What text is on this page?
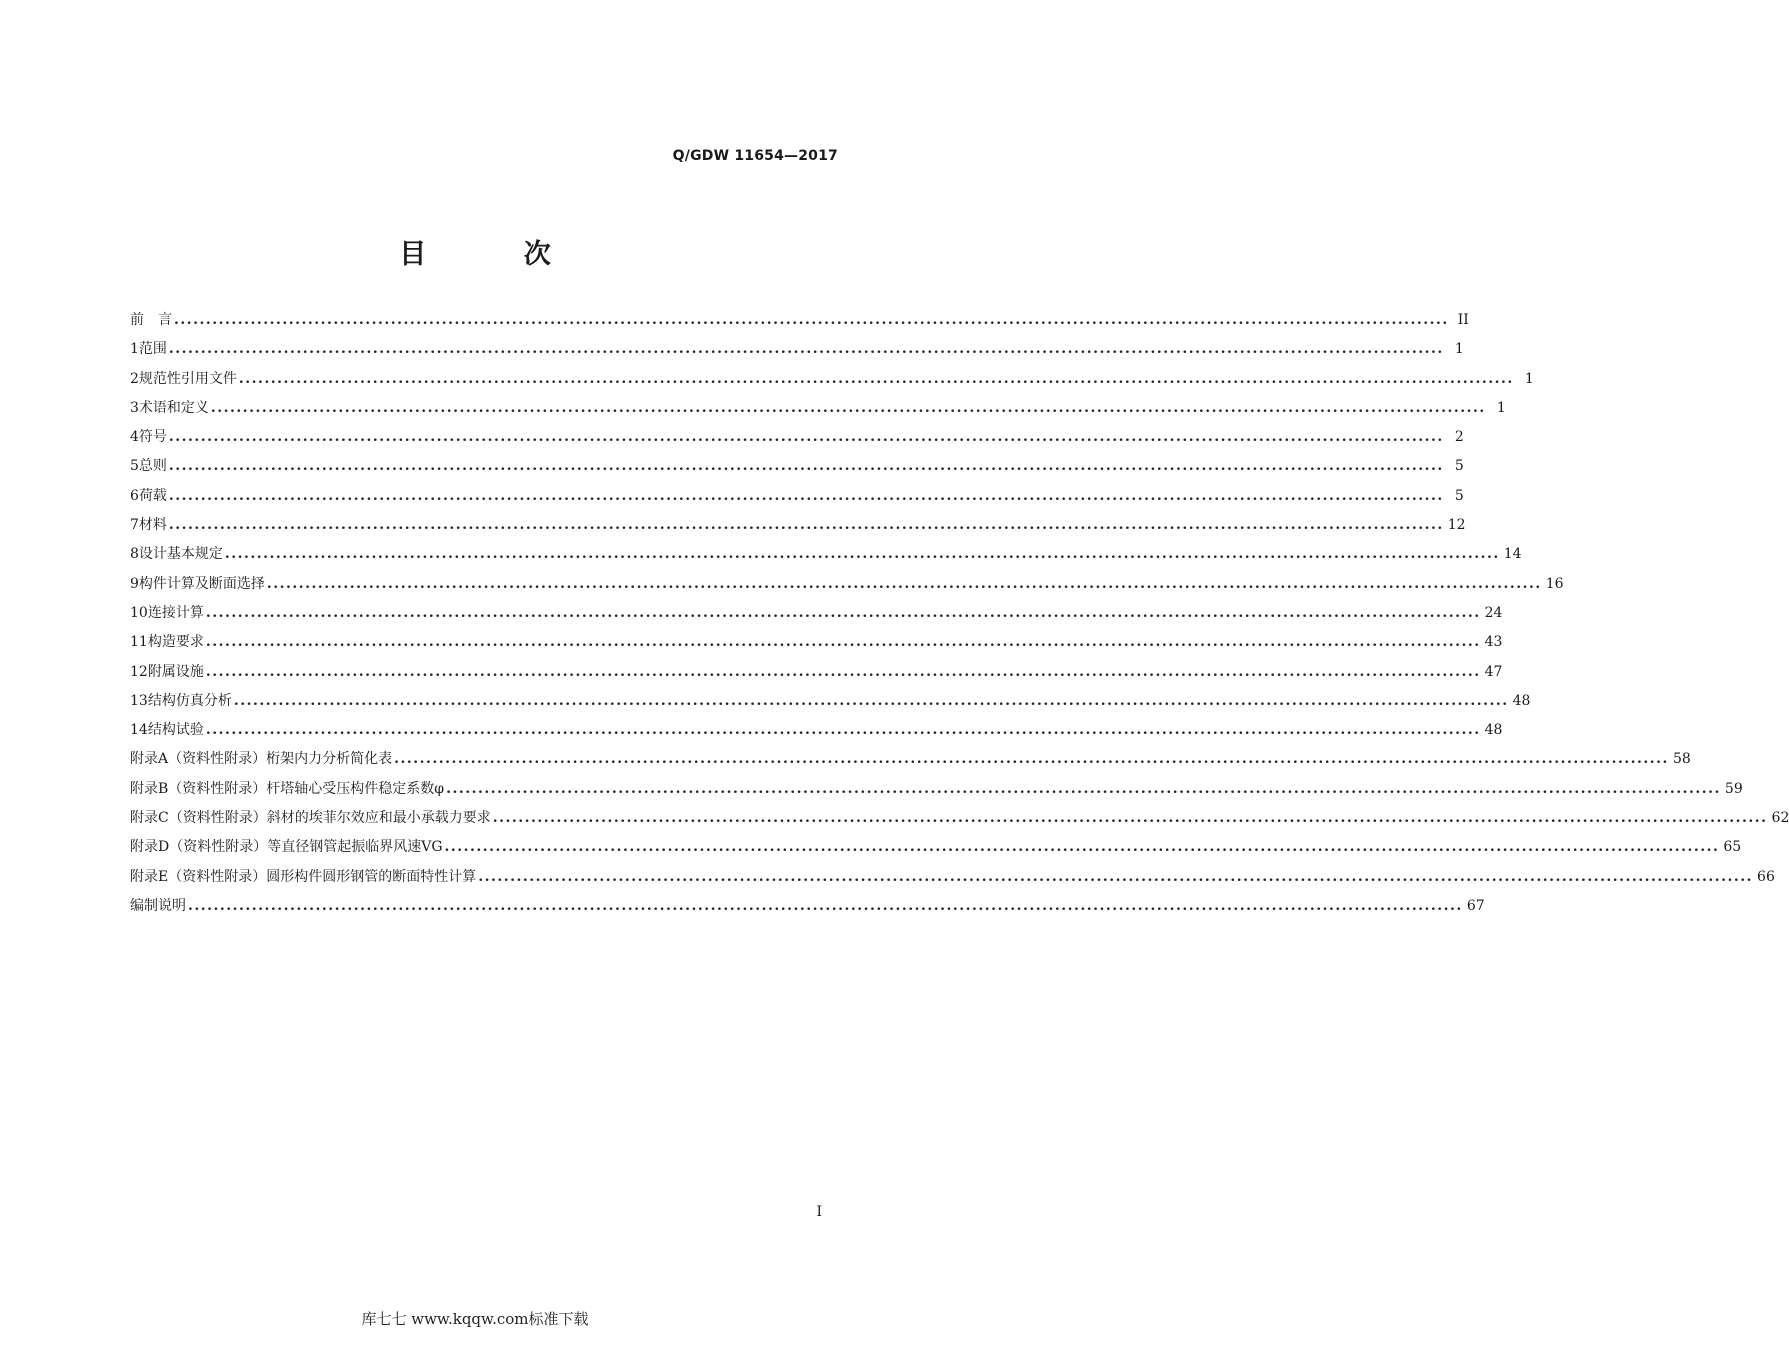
Q/GDW 11654—2017
目 次
前　言 ........................................................................................................................................................................................................ II
1 范围 ........................................................................................................................................................................................................ 1
2 规范性引用文件 ........................................................................................................................................................................................................ 1
3 术语和定义 ........................................................................................................................................................................................................ 1
4 符号 ........................................................................................................................................................................................................ 2
5 总则 ........................................................................................................................................................................................................ 5
6 荷载 ........................................................................................................................................................................................................ 5
7 材料 ........................................................................................................................................................................................................ 12
8 设计基本规定 ........................................................................................................................................................................................................ 14
9 构件计算及断面选择 ........................................................................................................................................................................................................ 16
10 连接计算 ........................................................................................................................................................................................................ 24
11 构造要求 ........................................................................................................................................................................................................ 43
12 附属设施 ........................................................................................................................................................................................................ 47
13 结构仿真分析 ........................................................................................................................................................................................................ 48
14 结构试验 ........................................................................................................................................................................................................ 48
附录A（资料性附录） 桁架内力分析简化表 ........................................................................................................................................................................................................ 58
附录B（资料性附录） 杆塔轴心受压构件稳定系数φ ........................................................................................................................................................................................................ 59
附录C（资料性附录） 斜材的埃菲尔效应和最小承载力要求 ........................................................................................................................................................................................................ 62
附录D（资料性附录） 等直径钢管起振临界风速VG ........................................................................................................................................................................................................ 65
附录E（资料性附录） 圆形构件圆形钢管的断面特性计算 ........................................................................................................................................................................................................ 66
编制说明 ........................................................................................................................................................................................................ 67
I
库七七 www.kqqw.com标准下载
